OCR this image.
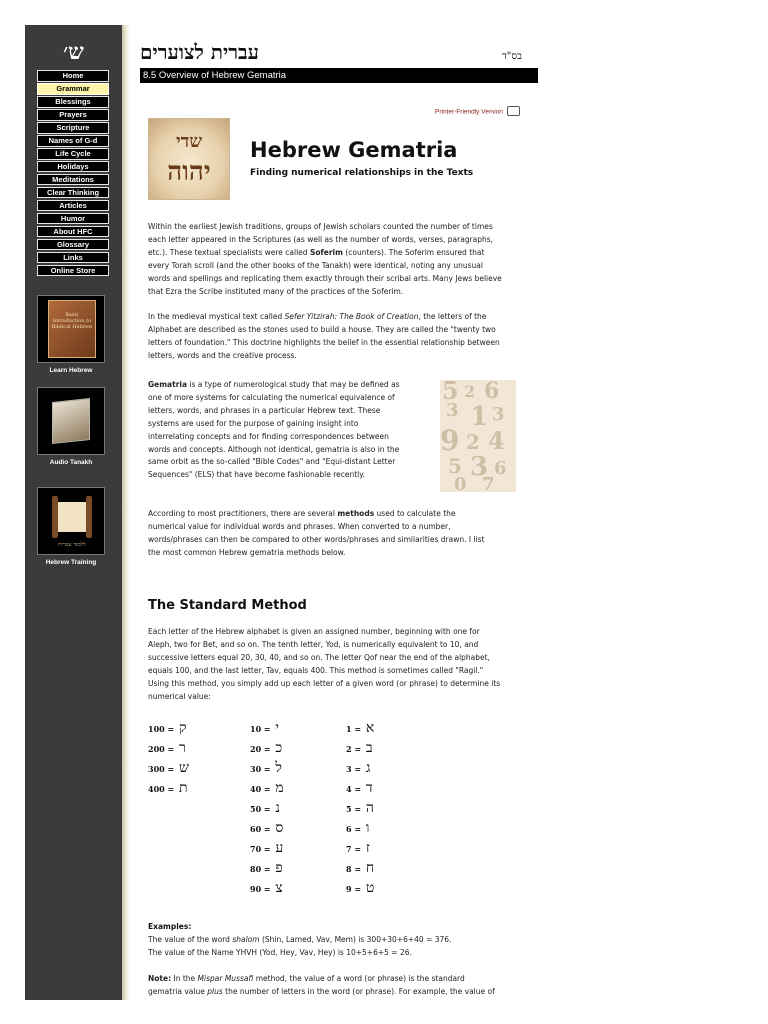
ש׳
Home
Grammar
Blessings
Prayers
Scripture
Names of G-d
Life Cycle
Holidays
Meditations
Clear Thinking
Articles
Humor
About HFC
Glossary
Links
Online Store
Basic Introduction to Biblical Hebrew
Learn Hebrew
Audio Tanakh
ללמוד עברית
Hebrew Training
עברית לצוערים	בס"ד
8.5 Overview of Hebrew Gematria
Printer-Friendly Version
שדי
יהוה
Hebrew Gematria
Finding numerical relationships in the Texts
Within the earliest Jewish traditions, groups of Jewish scholars counted the number of times
each letter appeared in the Scriptures (as well as the number of words, verses, paragraphs,
etc.). These textual specialists were called Soferim (counters). The Soferim ensured that
every Torah scroll (and the other books of the Tanakh) were identical, noting any unusual
words and spellings and replicating them exactly through their scribal arts. Many Jews believe
that Ezra the Scribe instituted many of the practices of the Soferim.
In the medieval mystical text called Sefer Yitzirah: The Book of Creation, the letters of the
Alphabet are described as the stones used to build a house. They are called the "twenty two
letters of foundation." This doctrine highlights the belief in the essential relationship between
letters, words and the creative process.
Gematria is a type of numerological study that may be defined as
one of more systems for calculating the numerical equivalence of
letters, words, and phrases in a particular Hebrew text. These
systems are used for the purpose of gaining insight into
interrelating concepts and for finding correspondences between
words and concepts. Although not identical, gematria is also in the
same orbit as the so-called "Bible Codes" and "Equi-distant Letter
Sequences" (ELS) that have become fashionable recently.
5 2 6
3 1 3
9 2 4
5 3 6
0 7
According to most practitioners, there are several methods used to calculate the
numerical value for individual words and phrases. When converted to a number,
words/phrases can then be compared to other words/phrases and similarities drawn. I list
the most common Hebrew gematria methods below.
The Standard Method
Each letter of the Hebrew alphabet is given an assigned number, beginning with one for
Aleph, two for Bet, and so on. The tenth letter, Yod, is numerically equivalent to 10, and
successive letters equal 20, 30, 40, and so on. The letter Qof near the end of the alphabet,
equals 100, and the last letter, Tav, equals 400. This method is sometimes called "Ragil."
Using this method, you simply add up each letter of a given word (or phrase) to determine its
numerical value:
100 = ק
200 = ר
300 = ש
400 = ת
10 = י
20 = כ
30 = ל
40 = מ
50 = נ
60 = ס
70 = ע
80 = פ
90 = צ
1 = א
2 = ב
3 = ג
4 = ד
5 = ה
6 = ו
7 = ז
8 = ח
9 = ט
Examples:
The value of the word shalom (Shin, Lamed, Vav, Mem) is 300+30+6+40 = 376.
The value of the Name YHVH (Yod, Hey, Vav, Hey) is 10+5+6+5 = 26.
Note: In the Mispar Mussafi method, the value of a word (or phrase) is the standard
gematria value plus the number of letters in the word (or phrase). For example, the value of
